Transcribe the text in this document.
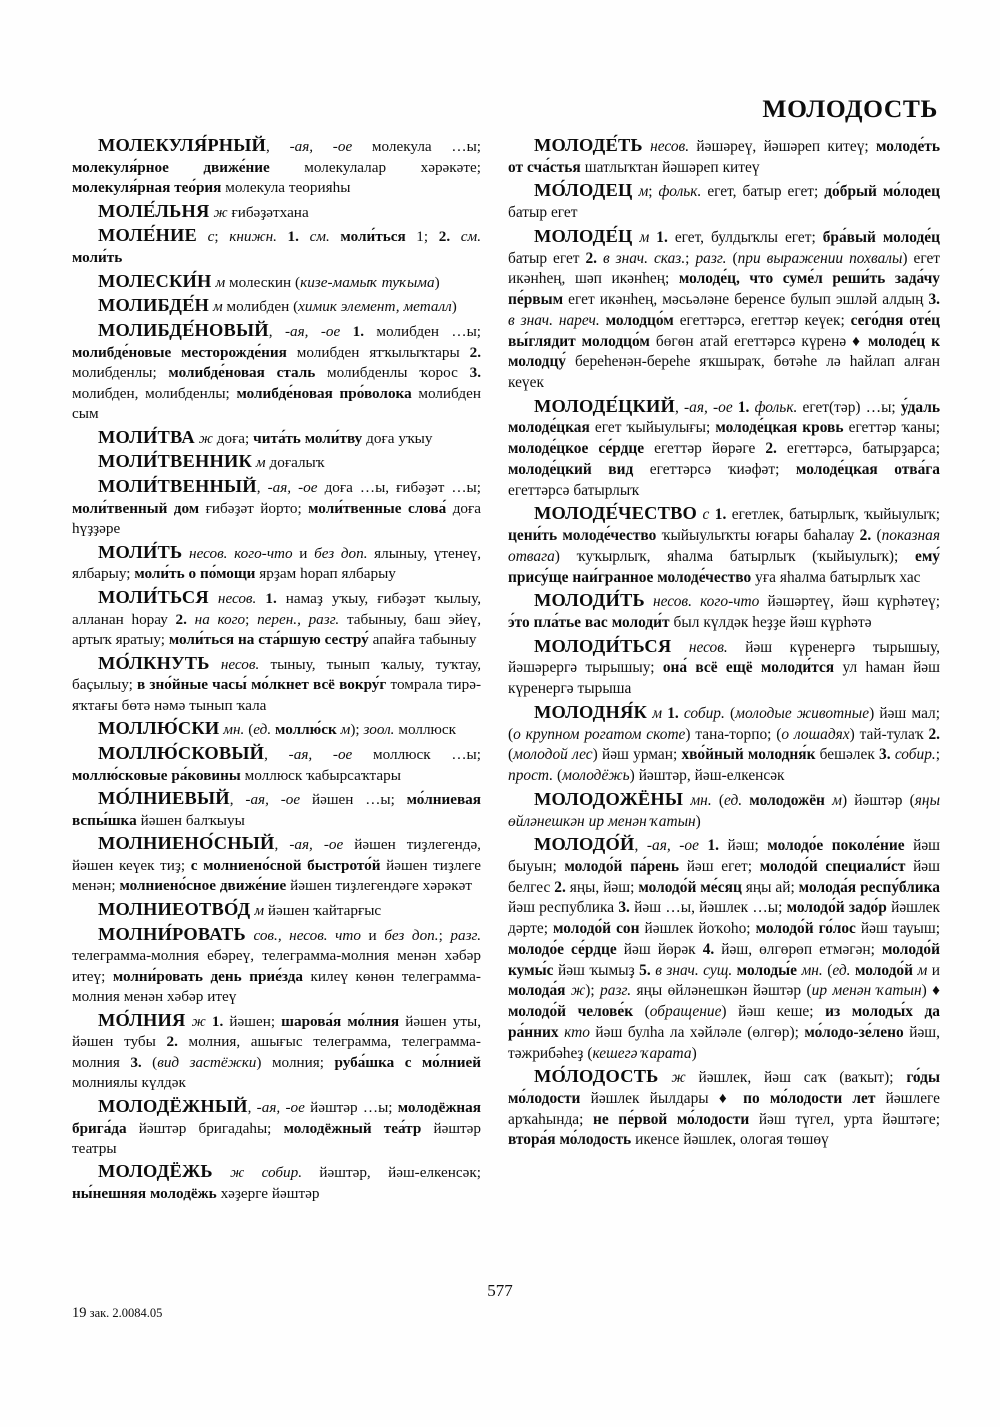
МОЛОДОСТЬ

МОЛЕКУЛЯ́РНЫЙ, -ая, -ое молекула …ы; молекуля́рное движе́ние молекулалар хәрәкәте; молекуля́рная тео́рия молекула теорияһы

МОЛЕ́ЛЬНЯ ж ғибәҙәтхана

МОЛЕ́НИЕ с; книжн. 1. см. моли́ться 1; 2. см. моли́ть

МОЛЕСКИ́Н м молескин (кизе-мамыҡ туҡыма)

МОЛИБДЕ́Н м молибден (химик элемент, металл)

МОЛИБДЕ́НОВЫЙ, -ая, -ое 1. молибден …ы; молибде́новые месторожде́ния молибден ятҡылыҡтары 2. молибденлы; молибде́новая сталь молибденлы ҡорос 3. молибден, молибденлы; молибде́новая про́волока молибден сым

МОЛИ́ТВА ж доға; чита́ть моли́тву доға уҡыу

МОЛИ́ТВЕННИК м доғалыҡ

МОЛИ́ТВЕННЫЙ, -ая, -ое доға …ы, ғибәҙәт …ы; моли́твенный дом ғибәҙәт йорто; моли́твенные слова́ доға һүҙҙәре

МОЛИ́ТЬ несов. кого-что и без доп. ялыныу, үтенеү, ялбарыу; моли́ть о по́мощи ярҙам һорап ялбарыу

МОЛИ́ТЬСЯ несов. 1. намаҙ уҡыу, ғибәҙәт ҡылыу, алланан һорау 2. на кого; перен., разг. табыныу, баш эйеү, артыҡ яратыу; моли́ться на ста́ршую сестру́ апайға табыныу

МО́ЛКНУТЬ несов. тыныу, тынып ҡалыу, туҡтау, баҫылыу; в зно́йные часы́ мо́лкнет всё вокру́г томрала тирә-яҡтағы бөтә нәмә тынып ҡала

МОЛЛЮ́СКИ мн. (ед. моллю́ск м); зоол. моллюск

МОЛЛЮ́СКОВЫЙ, -ая, -ое моллюск …ы; моллю́сковые ра́ковины моллюск ҡабырсаҡтары

МО́ЛНИЕВЫЙ, -ая, -ое йәшен …ы; мо́лниевая вспы́шка йәшен балҡыуы

МОЛНИЕНО́СНЫЙ, -ая, -ое йәшен тиҙлегендә, йәшен кеүек тиҙ; с молниено́сной быстрото́й йәшен тиҙлеге менән; молниено́сное движе́ние йәшен тиҙлегендәге хәрәкәт

МОЛНИЕОТВО́Д м йәшен ҡайтарғыс

МОЛНИ́РОВАТЬ сов., несов. что и без доп.; разг. телеграмма-молния ебәреү, телеграмма-молния менән хәбәр итеү; молни́ровать день прие́зда килеү көнөн телеграмма-молния менән хәбәр итеү

МО́ЛНИЯ ж 1. йәшен; шарова́я мо́лния йәшен уты, йәшен тубы 2. молния, ашығыс телеграмма, телеграмма-молния 3. (вид застёжки) молния; руба́шка с мо́лнией молниялы күлдәк

МОЛОДЁЖНЫЙ, -ая, -ое йәштәр …ы; молодёжная брига́да йәштәр бригадаһы; молодёжный теа́тр йәштәр театры

МОЛОДЁЖЬ ж собир. йәштәр, йәш-елкенсәк; ны́нешняя молодёжь хәҙерге йәштәр

МОЛОДЕ́ТЬ несов. йәшәреү, йәшәреп китеү; молоде́ть от сча́стья шатлыҡтан йәшәреп китеү

МО́ЛОДЕЦ м; фольк. егет, батыр егет; до́брый мо́лодец батыр егет

МОЛОДЕ́Ц м 1. егет, булдыҡлы егет; бра́вый молоде́ц батыр егет 2. в знач. сказ.; разг. (при выражении похвалы) егет икәнһең, шәп икәнһең; молоде́ц, что суме́л реши́ть зада́чу пе́рвым егет икәнһең, мәсьәләне беренсе булып эшләй алдың 3. в знач. нареч. молодцо́м егеттәрсә, егеттәр кеүек; сего́дня оте́ц вы́глядит молодцо́м бөгөн атай егеттәрсә күренә ♦ молоде́ц к молодцу́ береһенән-береһе яҡшыраҡ, бөтәһе лә һайлап алған кеүек

МОЛОДЕ́ЦКИЙ, -ая, -ое 1. фольк. егет(тәр) …ы; у́даль молоде́цкая егет ҡыйыулығы; молоде́цкая кровь егеттәр ҡаны; молоде́цкое се́рдце егеттәр йөрәге 2. егеттәрсә, батырҙарса; молоде́цкий вид егеттәрсә ҡиәфәт; молоде́цкая отва́га егеттәрсә батырлыҡ

МОЛОДЕ́ЧЕСТВО с 1. егетлек, батырлыҡ, ҡыйыулыҡ; цени́ть молоде́чество ҡыйыулыҡты юғары баһалау 2. (показная отвага) ҡуҡырлыҡ, яһалма батырлыҡ (ҡыйыулыҡ); ему́ прису́ще наи́гранное молоде́чество уға яһалма батырлыҡ хас

МОЛОДИ́ТЬ несов. кого-что йәшәртеү, йәш күрһәтеү; э́то пла́тье вас молоди́т был күлдәк һеҙҙе йәш күрһәтә

МОЛОДИ́ТЬСЯ несов. йәш күренергә тырышыу, йәшәрергә тырышыу; она́ всё ещё молоди́тся ул һаман йәш күренергә тырыша

МОЛОДНЯ́К м 1. собир. (молодые животные) йәш мал; (о крупном рогатом скоте) тана-торпо; (о лошадях) тай-тулаҡ 2. (молодой лес) йәш урман; хво́йный молодня́к бешәлек 3. собир.; прост. (молодёжь) йәштәр, йәш-елкенсәк

МОЛОДОЖЁНЫ мн. (ед. молодожён м) йәштәр (яңы өйләнешкән ир менән ҡатын)

МОЛОДО́Й, -ая, -ое 1. йәш; молодо́е поколе́ние йәш быуын; молодо́й па́рень йәш егет; молодо́й специали́ст йәш белгес 2. яңы, йәш; молодо́й ме́сяц яңы ай; молода́я респу́блика йәш республика 3. йәш …ы, йәшлек …ы; молодо́й задо́р йәшлек дәрте; молодо́й сон йәшлек йоҡоһо; молодо́й го́лос йәш тауыш; молодо́е се́рдце йәш йөрәк 4. йәш, өлгөрөп етмәгән; молодо́й кумы́с йәш ҡымыҙ 5. в знач. сущ. молоды́е мн. (ед. молодо́й м и молода́я ж); разг. яңы өйләнешкән йәштәр (ир менән ҡатын) ♦ молодо́й челове́к (обращение) йәш кеше; из молоды́х да ра́нних кто йәш булһа ла хәйләле (өлгөр); мо́лодо-зе́лено йәш, тәжрибәһеҙ (кешегә ҡарата)

МО́ЛОДОСТЬ ж йәшлек, йәш саҡ (ваҡыт); го́ды мо́лодости йәшлек йылдары ♦ по мо́лодости лет йәшлеге арҡаһында; не пе́рвой мо́лодости йәш түгел, урта йәштәге; втора́я мо́лодость икенсе йәшлек, ологая төшөү

577
19 зак. 2.0084.05
